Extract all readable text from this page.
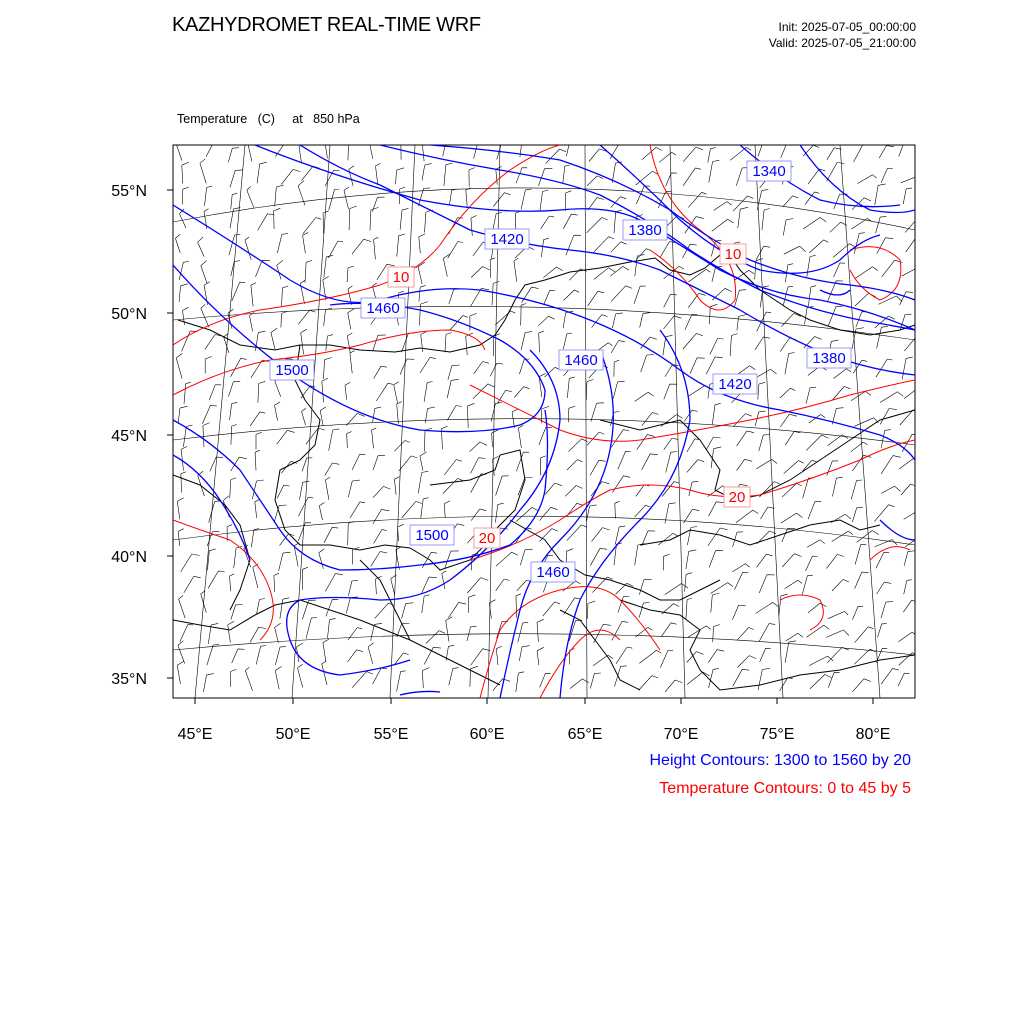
KAZHYDROMET REAL-TIME WRF	Init: 2025-07-05_00:00:00
Valid: 2025-07-05_21:00:00

Temperature   (C)     at   850 hPa

1340
1380
1420
1460
1500
1460	1380
1420
1500
1460
10
10
20
20
55°N
50°N
45°N
40°N
35°N
45°E	50°E	55°E	60°E	65°E	70°E	75°E	80°E
Height Contours: 1300 to 1560 by 20
Temperature Contours: 0 to 45 by 5
